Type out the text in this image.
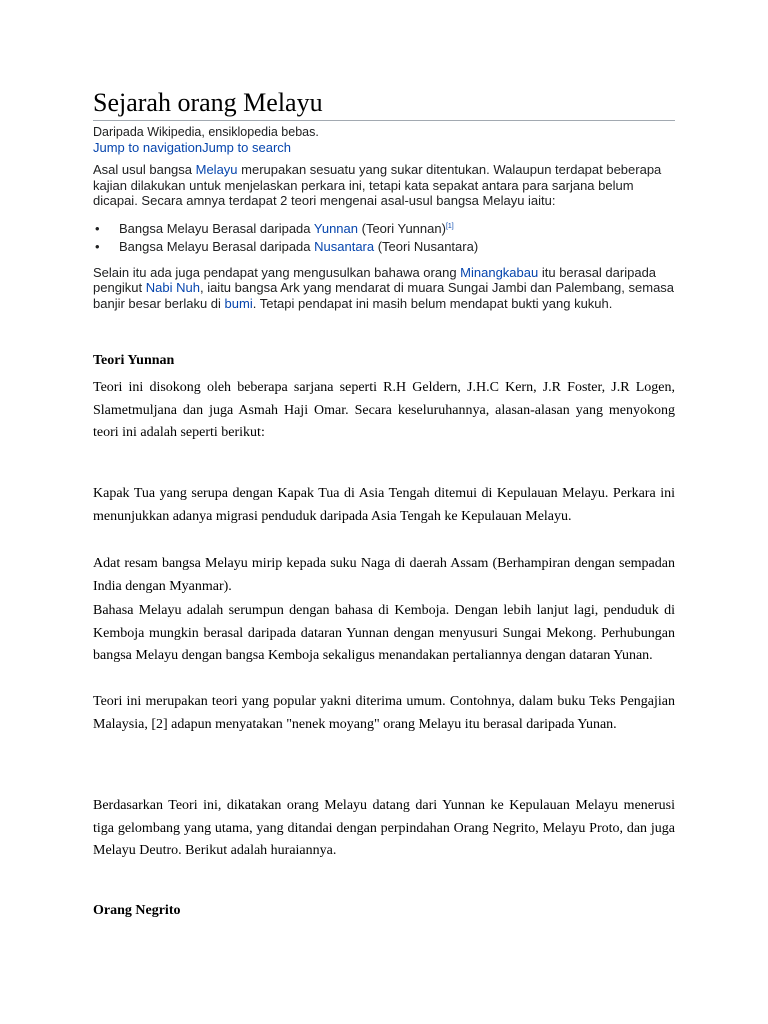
Sejarah orang Melayu
Daripada Wikipedia, ensiklopedia bebas.
Jump to navigationJump to search

Asal usul bangsa Melayu merupakan sesuatu yang sukar ditentukan. Walaupun terdapat beberapa kajian dilakukan untuk menjelaskan perkara ini, tetapi kata sepakat antara para sarjana belum dicapai. Secara amnya terdapat 2 teori mengenai asal-usul bangsa Melayu iaitu:

• Bangsa Melayu Berasal daripada Yunnan (Teori Yunnan)[1]
• Bangsa Melayu Berasal daripada Nusantara (Teori Nusantara)

Selain itu ada juga pendapat yang mengusulkan bahawa orang Minangkabau itu berasal daripada pengikut Nabi Nuh, iaitu bangsa Ark yang mendarat di muara Sungai Jambi dan Palembang, semasa banjir besar berlaku di bumi. Tetapi pendapat ini masih belum mendapat bukti yang kukuh.

Teori Yunnan

Teori ini disokong oleh beberapa sarjana seperti R.H Geldern, J.H.C Kern, J.R Foster, J.R Logen, Slametmuljana dan juga Asmah Haji Omar. Secara keseluruhannya, alasan-alasan yang menyokong teori ini adalah seperti berikut:

Kapak Tua yang serupa dengan Kapak Tua di Asia Tengah ditemui di Kepulauan Melayu. Perkara ini menunjukkan adanya migrasi penduduk daripada Asia Tengah ke Kepulauan Melayu.

Adat resam bangsa Melayu mirip kepada suku Naga di daerah Assam (Berhampiran dengan sempadan India dengan Myanmar).

Bahasa Melayu adalah serumpun dengan bahasa di Kemboja. Dengan lebih lanjut lagi, penduduk di Kemboja mungkin berasal daripada dataran Yunnan dengan menyusuri Sungai Mekong. Perhubungan bangsa Melayu dengan bangsa Kemboja sekaligus menandakan pertaliannya dengan dataran Yunan.

Teori ini merupakan teori yang popular yakni diterima umum. Contohnya, dalam buku Teks Pengajian Malaysia, [2] adapun menyatakan "nenek moyang" orang Melayu itu berasal daripada Yunan.

Berdasarkan Teori ini, dikatakan orang Melayu datang dari Yunnan ke Kepulauan Melayu menerusi tiga gelombang yang utama, yang ditandai dengan perpindahan Orang Negrito, Melayu Proto, dan juga Melayu Deutro. Berikut adalah huraiannya.

Orang Negrito
